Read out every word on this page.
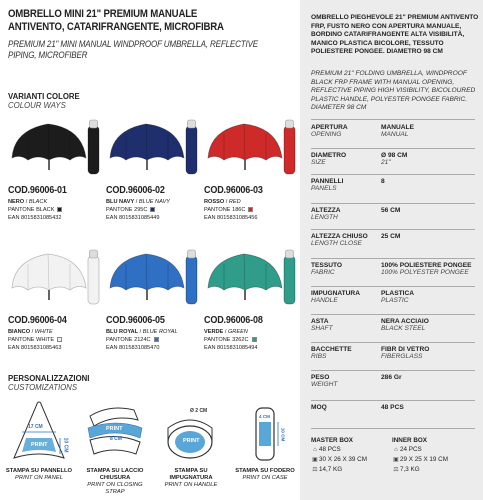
OMBRELLO MINI 21" PREMIUM MANUALE
ANTIVENTO, CATARIFRANGENTE, MICROFIBRA
PREMIUM 21" MINI MANUAL WINDPROOF UMBRELLA, REFLECTIVE
PIPING, MICROFIBER
VARIANTI COLORE
COLOUR WAYS
COD.96006-01
NERO / BLACK
PANTONE BLACK
EAN 8015831085432
COD.96006-02
BLU NAVY / BLUE NAVY
PANTONE 295C
EAN 8015831085449
COD.96006-03
ROSSO / RED
PANTONE 186C
EAN 8015831085456
COD.96006-04
BIANCO / WHITE
PANTONE WHITE
EAN 8015831085463
COD.96006-05
BLU ROYAL / BLUE ROYAL
PANTONE 2124C
EAN 8015831085470
COD.96006-08
VERDE / GREEN
PANTONE 3262C
EAN 8015831085494
PERSONALIZZAZIONI
CUSTOMIZATIONS
17 CM
10 CM
PRINT
STAMPA SU PANNELLO
PRINT ON PANEL
8 CM
PRINT
STAMPA SU LACCIO CHIUSURA
PRINT ON CLOSING STRAP
Ø 2 CM
PRINT
STAMPA SU IMPUGNATURA
PRINT ON HANDLE
4 CM
10 CM
STAMPA SU FODERO
PRINT ON CASE
OMBRELLO PIEGHEVOLE 21" PREMIUM ANTIVENTO FRP, FUSTO NERO CON APERTURA MANUALE, BORDINO CATARIFRANGENTE ALTA VISIBILITÀ, MANICO PLASTICA BICOLORE, TESSUTO POLIESTERE PONGEE. DIAMETRO 98 CM
PREMIUM 21" FOLDING UMBRELLA, WINDPROOF BLACK FRP FRAME WITH MANUAL OPENING, REFLECTIVE PIPING HIGH VISIBILITY, BICOLOURED PLASTIC HANDLE, POLYESTER PONGEE FABRIC. DIAMETER 98 CM
APERTURA
OPENING
MANUALE
MANUAL
DIAMETRO
SIZE
Ø 98 CM
21"
PANNELLI
PANELS
8
ALTEZZA
LENGTH
56 CM
ALTEZZA CHIUSO
LENGTH CLOSE
25 CM
TESSUTO
FABRIC
100% POLIESTERE PONGEE
100% POLYESTER PONGEE
IMPUGNATURA
HANDLE
PLASTICA
PLASTIC
ASTA
SHAFT
NERA ACCIAIO
BLACK STEEL
BACCHETTE
RIBS
FIBR DI VETRO
FIBERGLASS
PESO
WEIGHT
286 Gr
MOQ	48 PCS
MASTER BOX
⌂ 48 PCS
▣30 X 26 X 39 CM
⚖14,7 KG
INNER BOX
⌂ 24 PCS
▣29 X 25 X 19 CM
⚖7,3 KG
